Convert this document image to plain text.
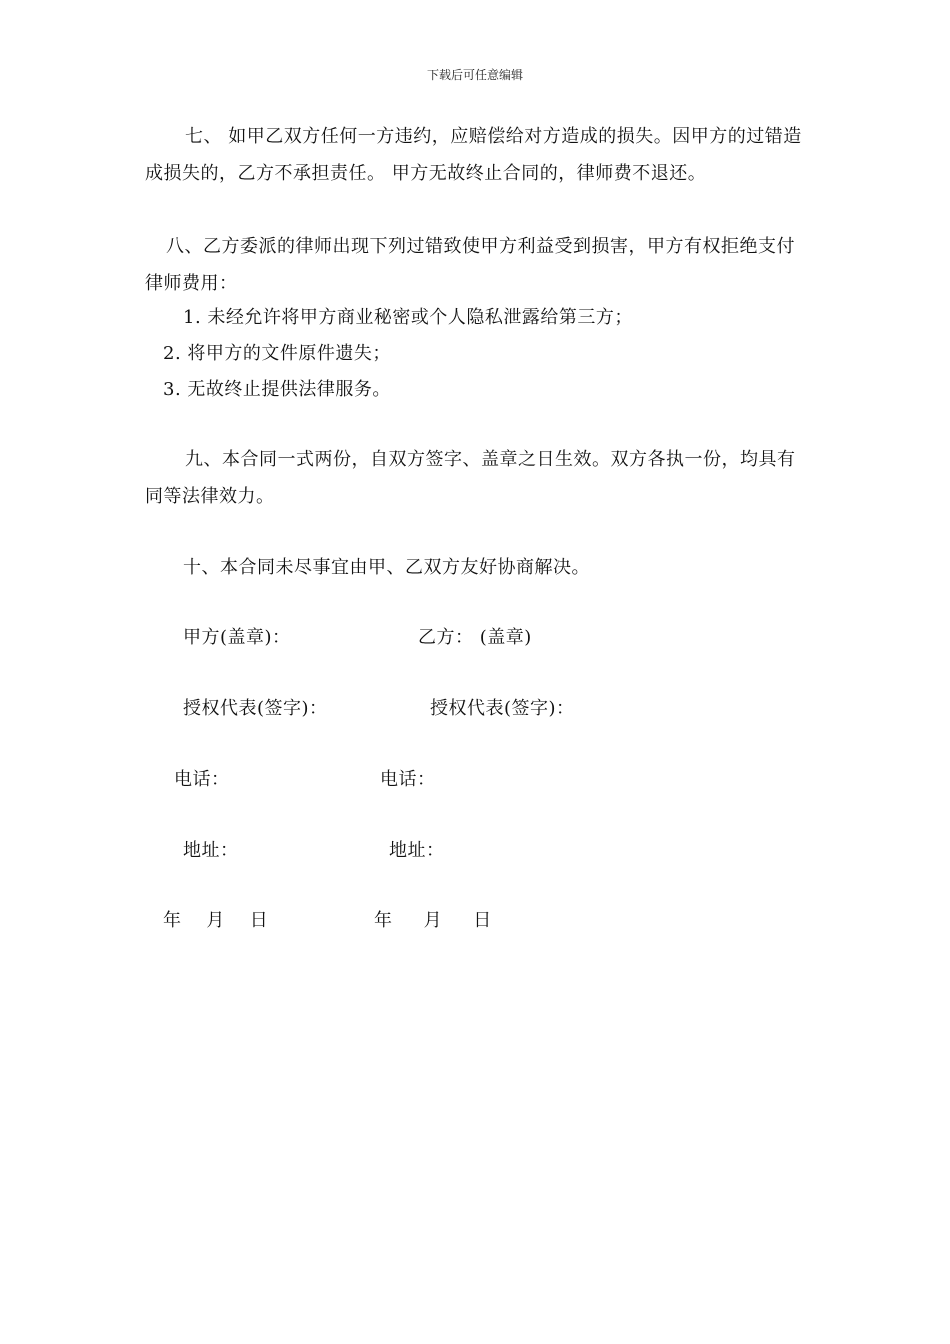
下载后可任意编辑
七、 如甲乙双方任何一方违约，应赔偿给对方造成的损失。因甲方的过错造成损失的，乙方不承担责任。 甲方无故终止合同的，律师费不退还。
八、乙方委派的律师出现下列过错致使甲方利益受到损害，甲方有权拒绝支付律师费用：
1. 未经允许将甲方商业秘密或个人隐私泄露给第三方；
2. 将甲方的文件原件遗失；
3. 无故终止提供法律服务。
九、本合同一式两份，自双方签字、盖章之日生效。双方各执一份，均具有同等法律效力。
十、本合同未尽事宜由甲、乙双方友好协商解决。
甲方(盖章)：	乙方： (盖章)
授权代表(签字)：	授权代表(签字)：
电话：	电话：
地址：	地址：
年    月    日	年     月     日
